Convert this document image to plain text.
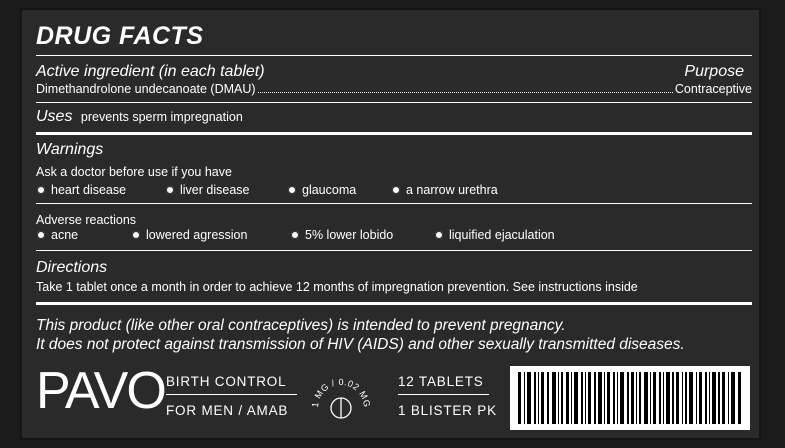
DRUG FACTS
Active ingredient (in each tablet)	Purpose
Dimethandrolone undecanoate (DMAU)	Contraceptive
Uses prevents sperm impregnation
Warnings
Ask a doctor before use if you have
heart disease	liver disease	glaucoma	a narrow urethra
Adverse reactions
acne	lowered agression	5% lower lobido	liquified ejaculation
Directions
Take 1 tablet once a month in order to achieve 12 months of impregnation prevention. See instructions inside
This product (like other oral contraceptives) is intended to prevent pregnancy.
It does not protect against transmission of HIV (AIDS) and other sexually transmitted diseases.
PAVO BIRTH CONTROL
FOR MEN / AMAB 1 MG / 0.02 MG
12 TABLETS
1 BLISTER PK
